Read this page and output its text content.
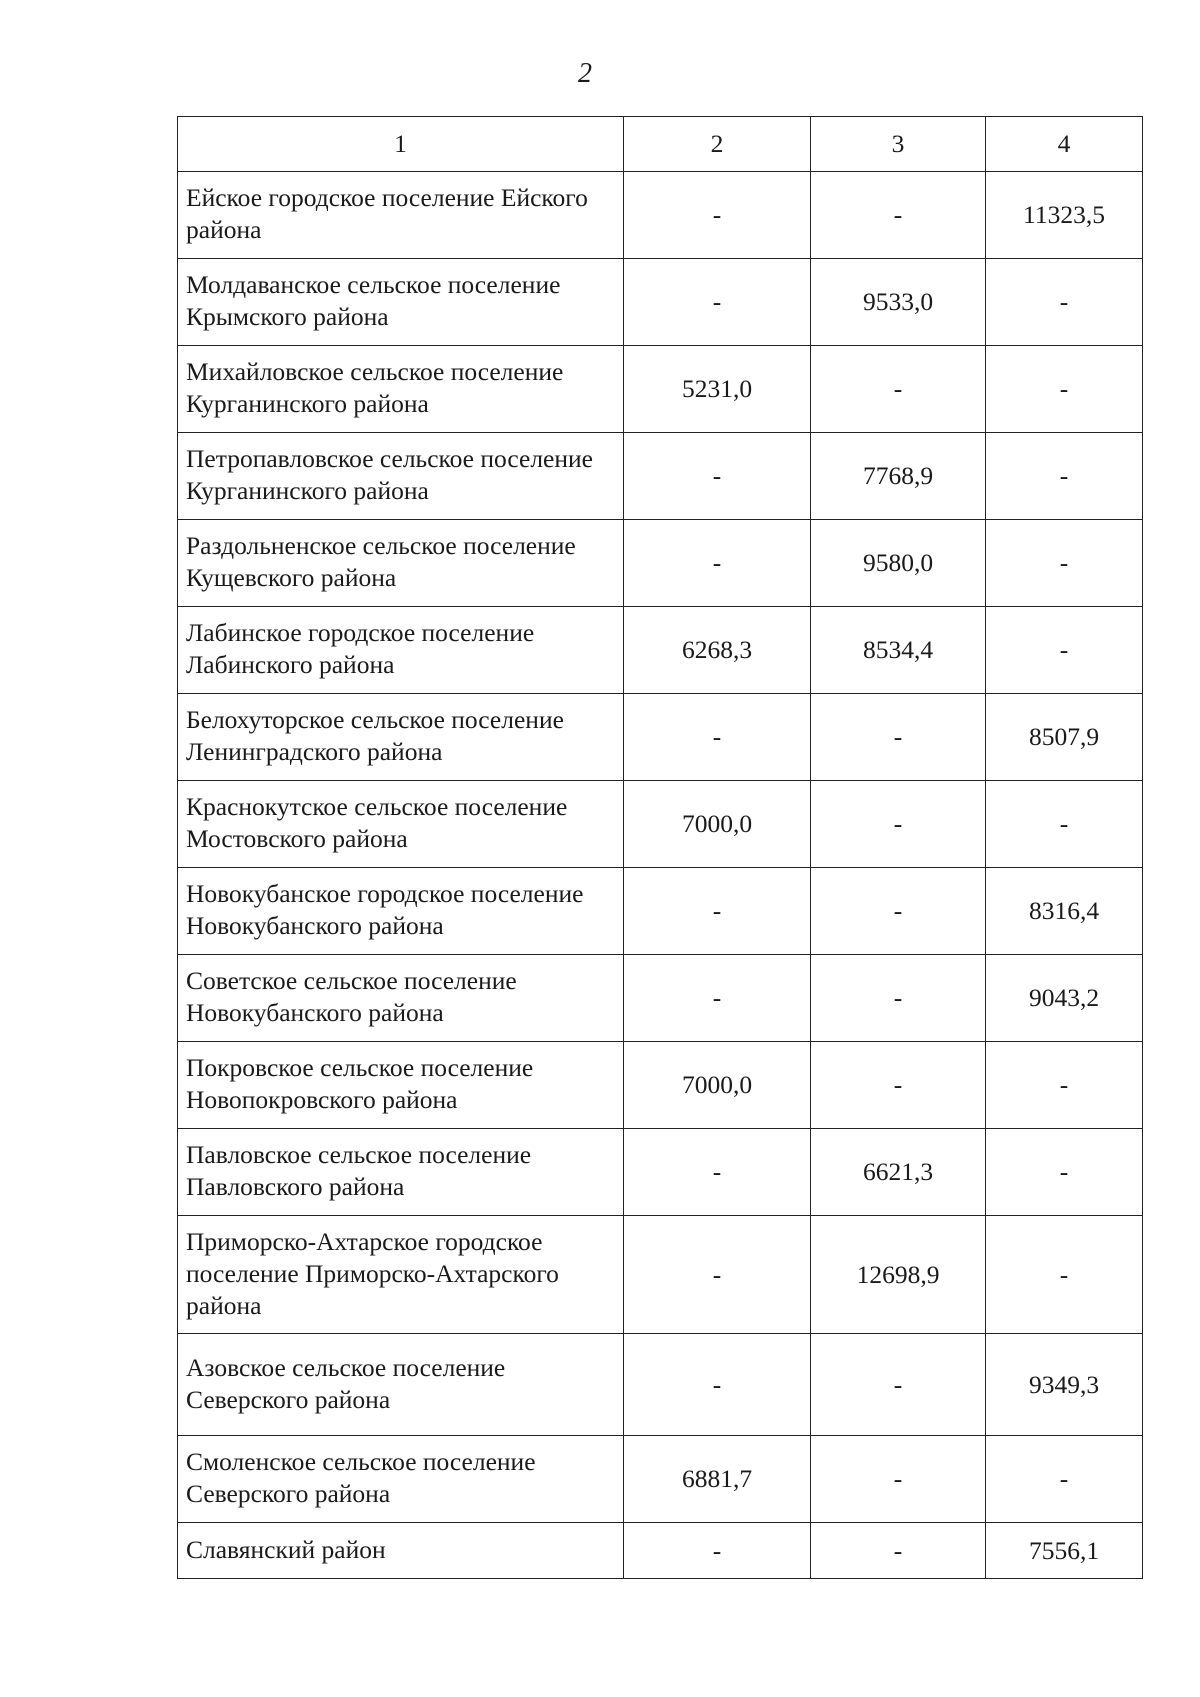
2
1	2	3	4
Ейское городское поселение Ейского района	-	-	11323,5
Молдаванское сельское поселение Крымского района	-	9533,0	-
Михайловское сельское поселение Курганинского района	5231,0	-	-
Петропавловское сельское поселение Курганинского района	-	7768,9	-
Раздольненское сельское поселение Кущевского района	-	9580,0	-
Лабинское городское поселение Лабинского района	6268,3	8534,4	-
Белохуторское сельское поселение Ленинградского района	-	-	8507,9
Краснокутское сельское поселение Мостовского района	7000,0	-	-
Новокубанское городское поселение Новокубанского района	-	-	8316,4
Советское сельское поселение Новокубанского района	-	-	9043,2
Покровское сельское поселение Новопокровского района	7000,0	-	-
Павловское сельское поселение Павловского района	-	6621,3	-
Приморско-Ахтарское городское поселение Приморско-Ахтарского района	-	12698,9	-
Азовское сельское поселение Северского района	-	-	9349,3
Смоленское сельское поселение Северского района	6881,7	-	-
Славянский район	-	-	7556,1
